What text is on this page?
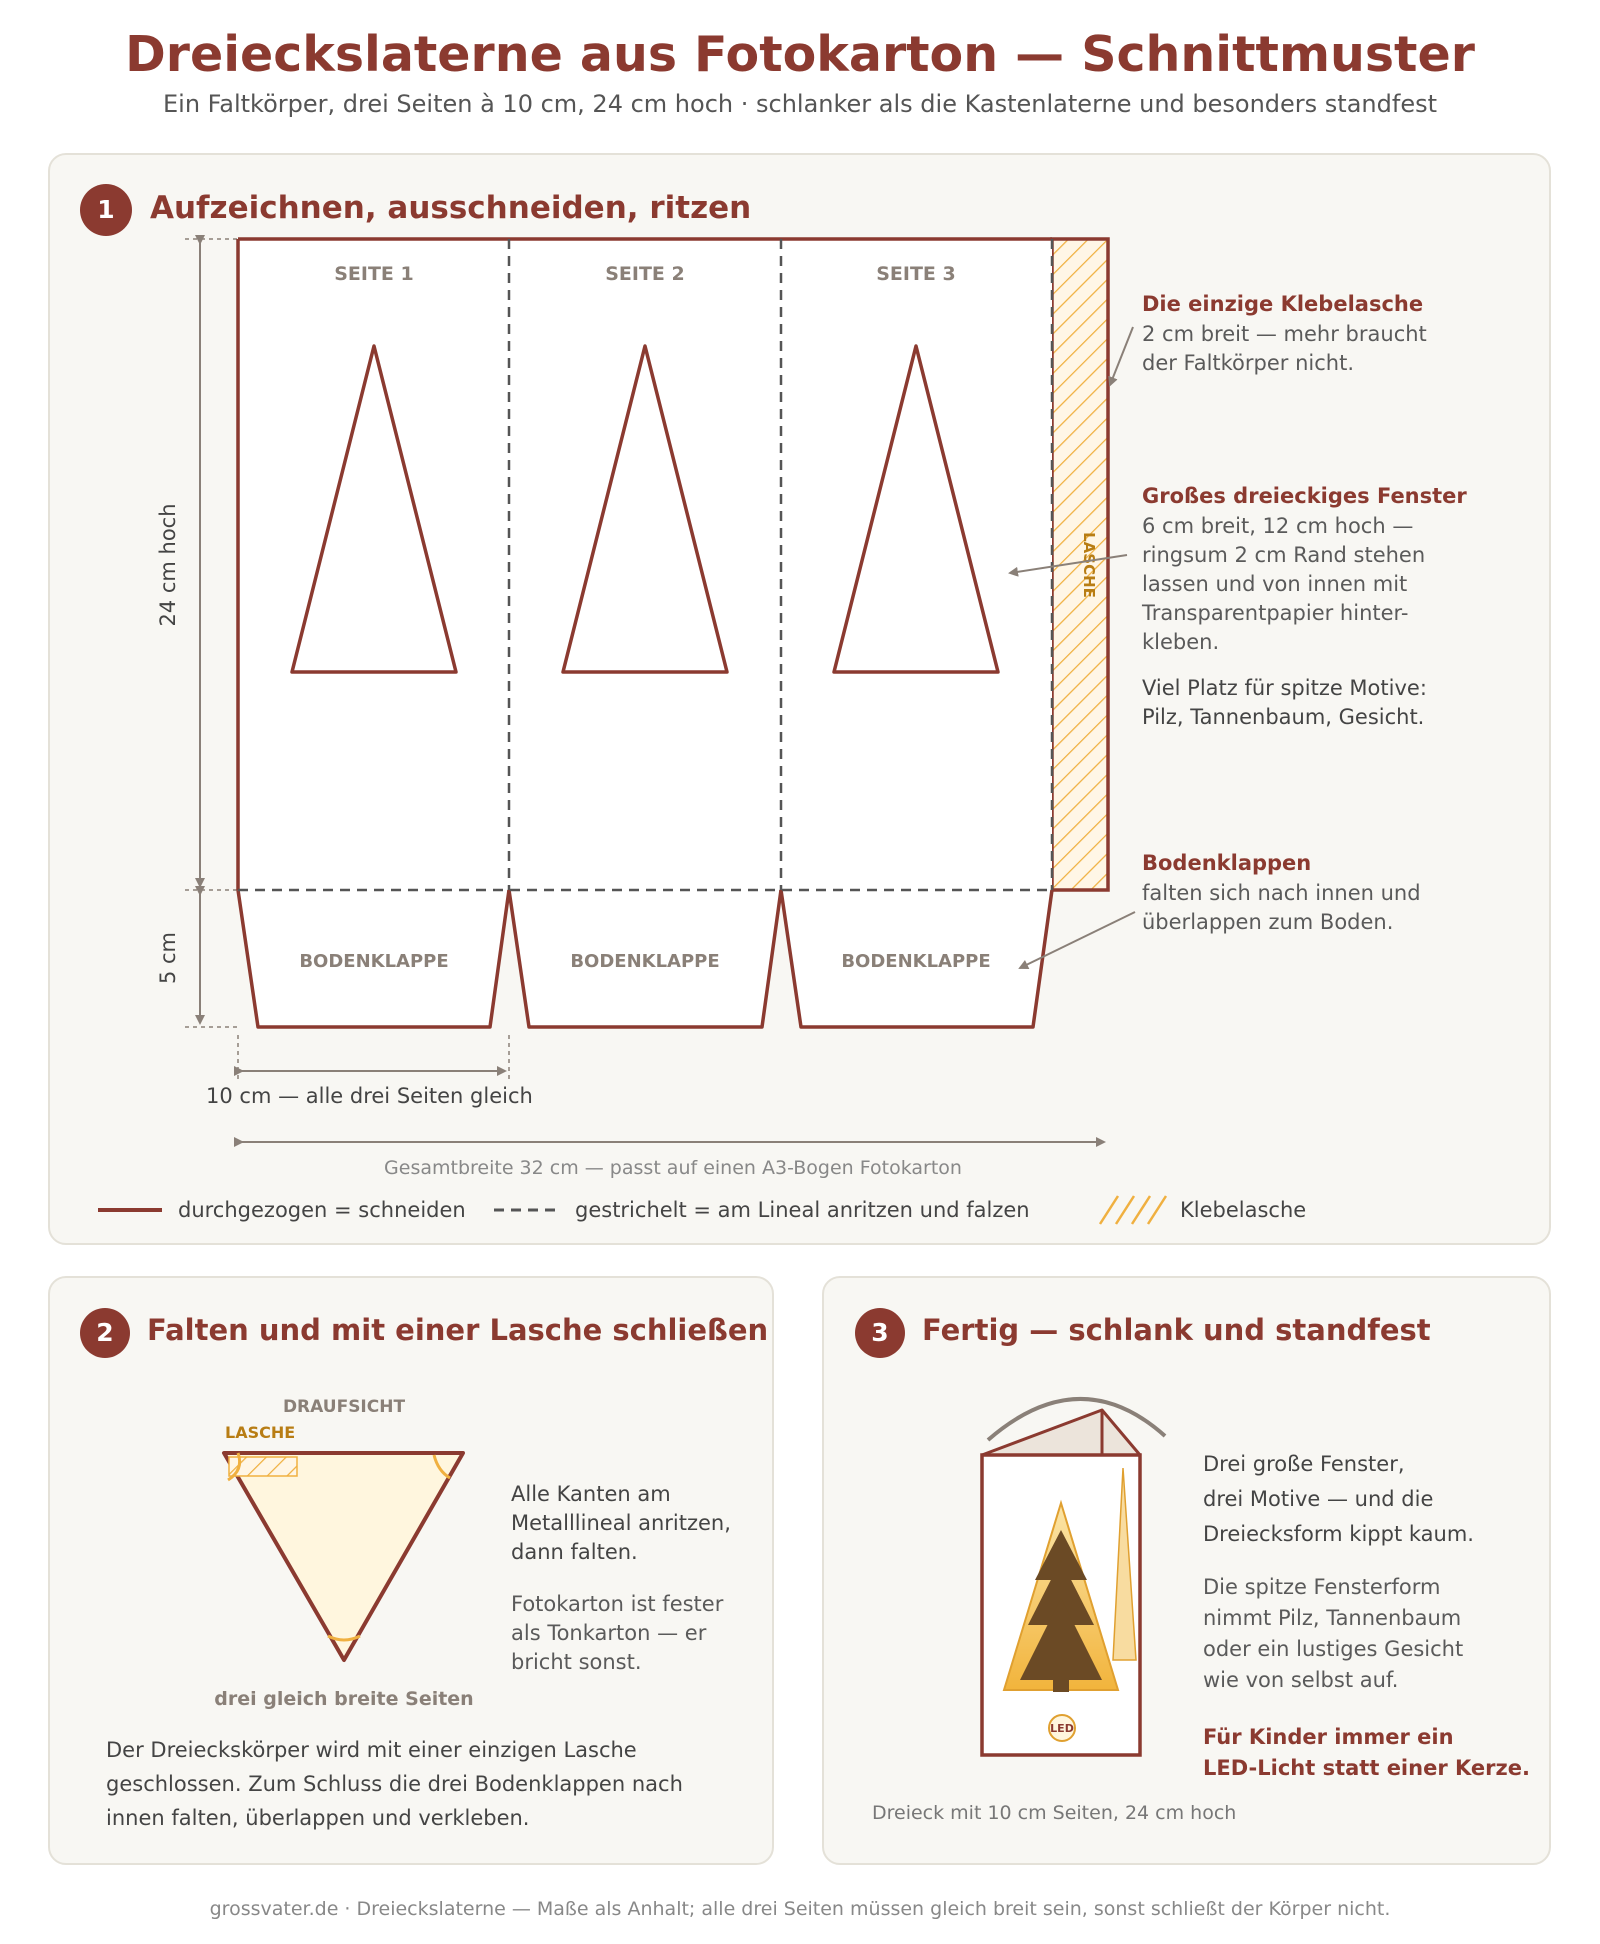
Dreieckslaterne aus Fotokarton — Schnittmuster
Ein Faltkörper, drei Seiten à 10 cm, 24 cm hoch · schlanker als die Kastenlaterne und besonders standfest
1	Aufzeichnen, ausschneiden, ritzen
24 cm hoch
5 cm
LASCHE
SEITE 1	SEITE 2	SEITE 3
BODENKLAPPE	BODENKLAPPE	BODENKLAPPE
10 cm — alle drei Seiten gleich
Gesamtbreite 32 cm — passt auf einen A3-Bogen Fotokarton
durchgezogen = schneiden	gestrichelt = am Lineal anritzen und falzen	Klebelasche
Die einzige Klebelasche
2 cm breit — mehr braucht
der Faltkörper nicht.
Großes dreieckiges Fenster
6 cm breit, 12 cm hoch —
ringsum 2 cm Rand stehen
lassen und von innen mit
Transparentpapier hinter-
kleben.
Viel Platz für spitze Motive:
Pilz, Tannenbaum, Gesicht.
Bodenklappen
falten sich nach innen und
überlappen zum Boden.
2	Falten und mit einer Lasche schließen
DRAUFSICHT
LASCHE
drei gleich breite Seiten
Alle Kanten am
Metalllineal anritzen,
dann falten.
Fotokarton ist fester
als Tonkarton — er
bricht sonst.
Der Dreieckskörper wird mit einer einzigen Lasche
geschlossen. Zum Schluss die drei Bodenklappen nach
innen falten, überlappen und verkleben.
3	Fertig — schlank und standfest
LED
Drei große Fenster,
drei Motive — und die
Dreiecksform kippt kaum.
Die spitze Fensterform
nimmt Pilz, Tannenbaum
oder ein lustiges Gesicht
wie von selbst auf.
Für Kinder immer ein
LED-Licht statt einer Kerze.
Dreieck mit 10 cm Seiten, 24 cm hoch
grossvater.de · Dreieckslaterne — Maße als Anhalt; alle drei Seiten müssen gleich breit sein, sonst schließt der Körper nicht.
